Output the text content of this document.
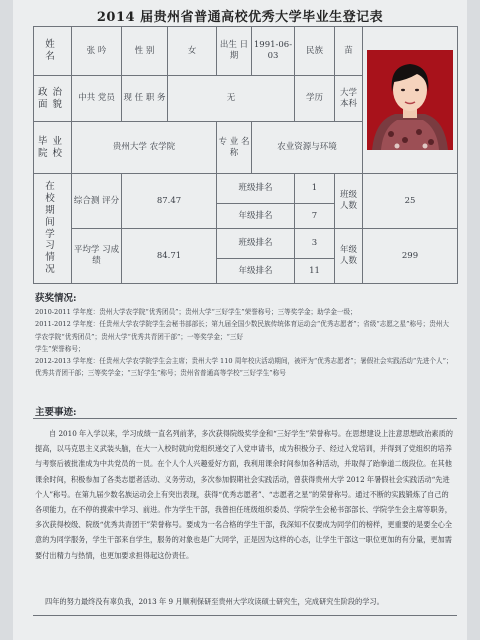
2014 届贵州省普通高校优秀大学毕业生登记表
姓 名	张 吟	性 别	女	出生 日期	1991-06-03	民族	苗	

政治 面貌	中共 党员	现 任 职 务	无			学历	大学 本科	
毕业 院校	贵州大学 农学院			专 业 名 称	农业资源与环境			
在 校 期 间 学 习 情 况	综合测 评分	87.47		班级排名		1	班级人数	25
				年级排名		7		
	平均学 习成绩	84.71		班级排名		3	年级人数	299
				年级排名		11		
获奖情况:

2010-2011 学年度：贵州大学农学院“优秀团员”；贵州大学“三好学生”荣誉称号；三等奖学金；助学金一级；

2011-2012 学年度：任贵州大学农学院学生会秘书部部长；第九届全国少数民族传统体育运动会“优秀志愿者”；省级“志愿之星”称号；贵州大学农学院“优秀团员”；贵州大学“优秀共青团干部”；一等奖学金；“三好

学生”荣誉称号；

2012-2013 学年度：任贵州大学农学院学生会主席；贵州大学 110 周年校庆活动期间，被评为“优秀志愿者”；暑假社会实践活动“先进个人”；优秀共青团干部；三等奖学金；“三好学生”称号；贵州省普通高等学校“三好学生”称号

主要事迹:

自 2010 年入学以来，学习成绩一直名列前茅，多次获得院级奖学金和“三好学生”荣誉称号。在思想建设上注意思想政治素质的提高，以马克思主义武装头脑，在大一入校时就向党组织递交了入党申请书，成为积极分子、经过入党培训，并得到了党组织的培养与考察后被批准成为中共党员的一员。在个人个人兴趣爱好方面，我利用课余时间参加各种活动，并取得了跆拳道二级段位。在其他课余时间，积极参加了各类志愿者活动、义务劳动，多次参加假期社会实践活动，曾获得贵州大学 2012 年暑假社会实践活动“先进个人”称号。在第九届少数名族运动会上有突出表现，获得“优秀志愿者”、“志愿者之星”的荣誉称号。通过不断的实践锻炼了自己的各项能力，在不停的摸索中学习、前进。作为学生干部，我曾担任班级组织委员、学院学生会秘书部部长、学院学生会主席等职务，多次获得校级、院级“优秀共青团干”荣誉称号。要成为一名合格的学生干部，我深知不仅要成为同学们的榜样，更重要的是要全心全意的为同学服务，学生干部来自学生，服务的对象也是广大同学，正是因为这样的心态，让学生干部这一职位更加的有分量，更加需要付出精力与热情，也更加要求担得起这份责任。

四年的努力最终没有辜负我，2013 年 9 月顺利保研至贵州大学攻读硕士研究生，完成研究生阶段的学习。
